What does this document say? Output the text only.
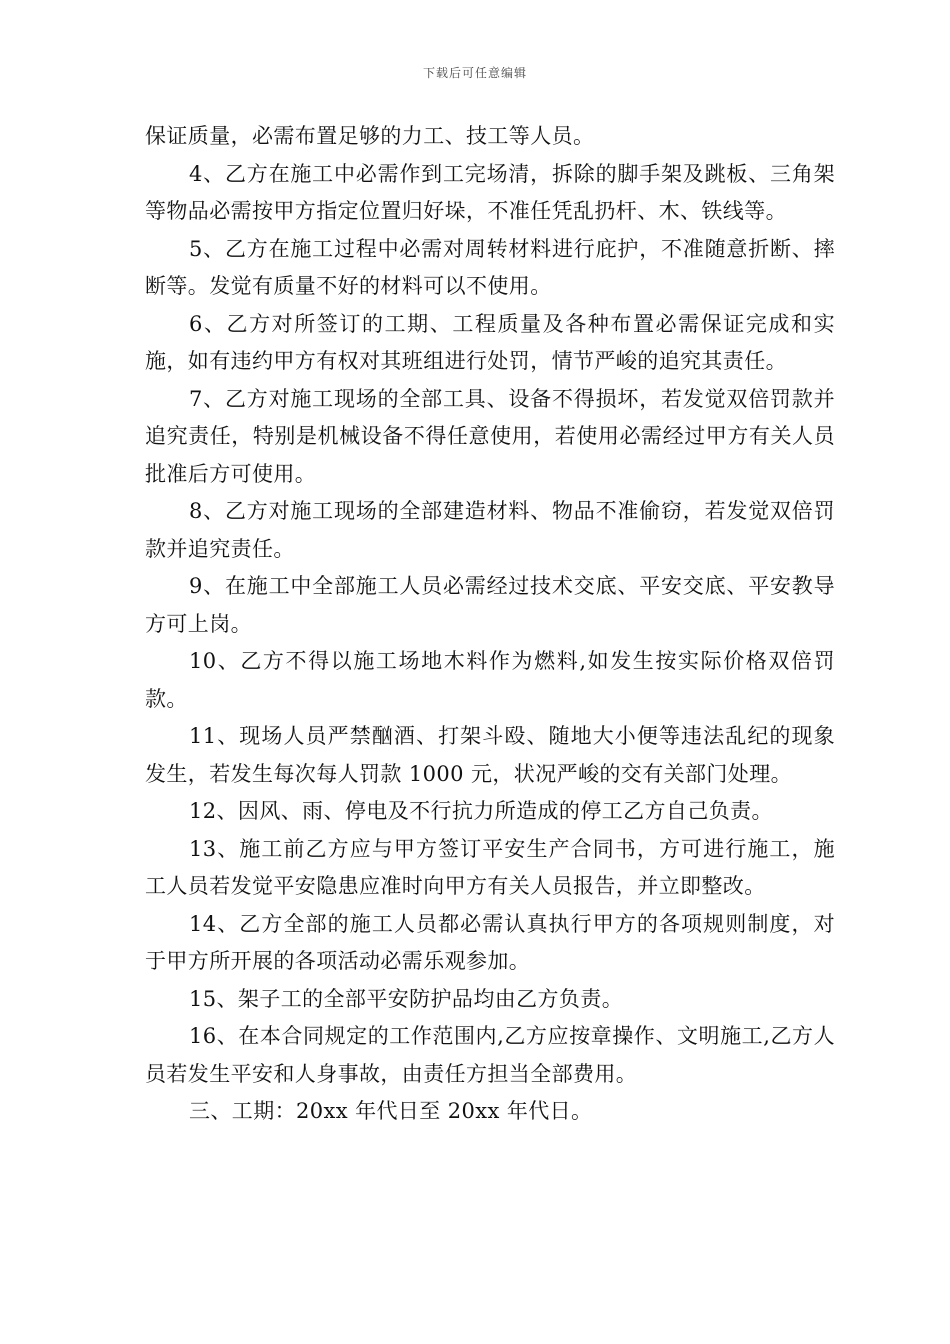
下载后可任意编辑

保证质量，必需布置足够的力工、技工等人员。

4、乙方在施工中必需作到工完场清，拆除的脚手架及跳板、三角架等物品必需按甲方指定位置归好垛，不准任凭乱扔杆、木、铁线等。

5、乙方在施工过程中必需对周转材料进行庇护，不准随意折断、摔断等。发觉有质量不好的材料可以不使用。

6、乙方对所签订的工期、工程质量及各种布置必需保证完成和实施，如有违约甲方有权对其班组进行处罚，情节严峻的追究其责任。

7、乙方对施工现场的全部工具、设备不得损坏，若发觉双倍罚款并追究责任，特别是机械设备不得任意使用，若使用必需经过甲方有关人员批准后方可使用。

8、乙方对施工现场的全部建造材料、物品不准偷窃，若发觉双倍罚款并追究责任。

9、在施工中全部施工人员必需经过技术交底、平安交底、平安教导方可上岗。

10、乙方不得以施工场地木料作为燃料,如发生按实际价格双倍罚款。

11、现场人员严禁酗酒、打架斗殴、随地大小便等违法乱纪的现象发生，若发生每次每人罚款 1000 元，状况严峻的交有关部门处理。

12、因风、雨、停电及不行抗力所造成的停工乙方自己负责。

13、施工前乙方应与甲方签订平安生产合同书，方可进行施工，施工人员若发觉平安隐患应准时向甲方有关人员报告，并立即整改。

14、乙方全部的施工人员都必需认真执行甲方的各项规则制度，对于甲方所开展的各项活动必需乐观参加。

15、架子工的全部平安防护品均由乙方负责。

16、在本合同规定的工作范围内,乙方应按章操作、文明施工,乙方人员若发生平安和人身事故，由责任方担当全部费用。

三、工期：20xx 年代日至 20xx 年代日。
